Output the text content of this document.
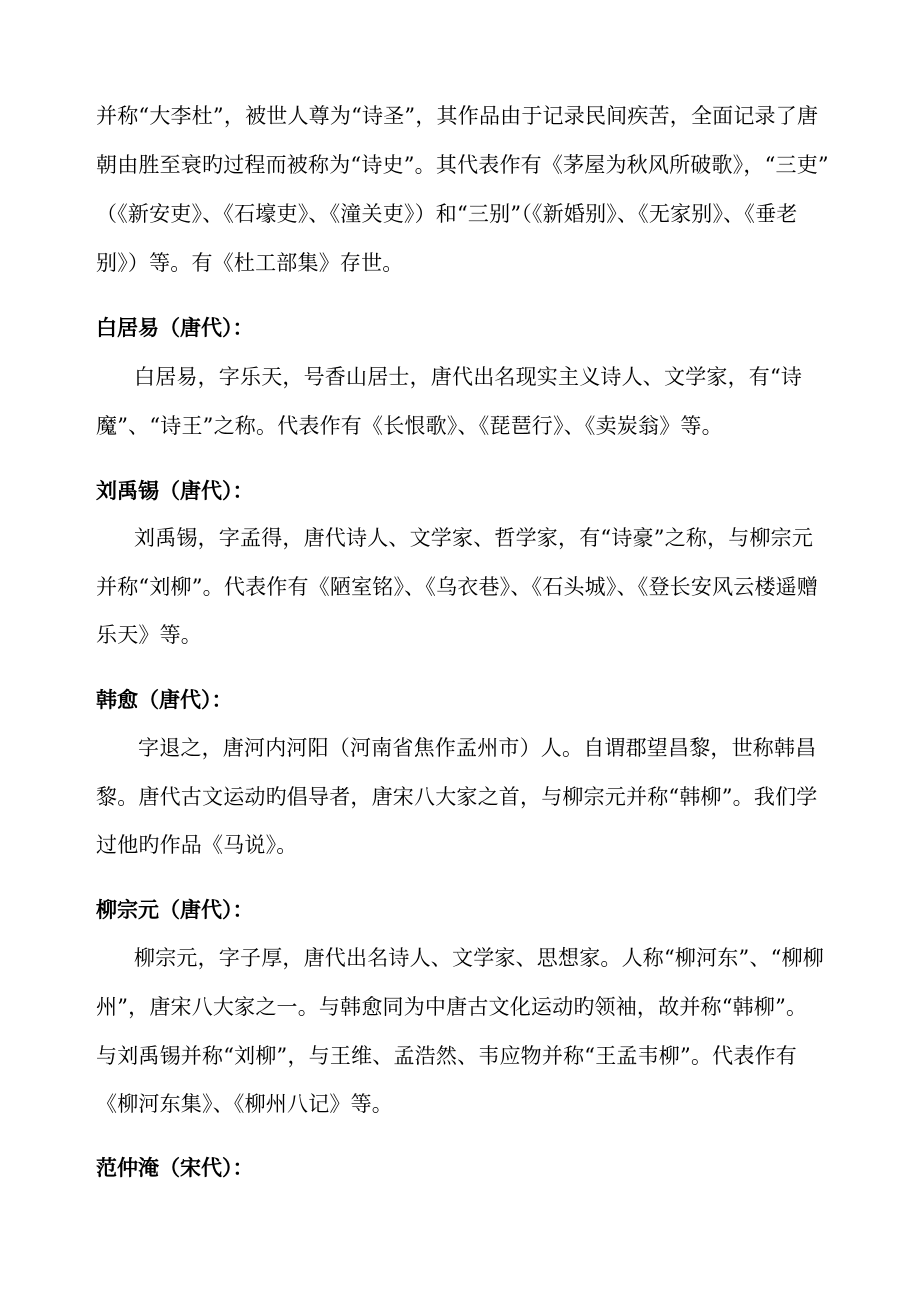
并称“大李杜”，被世人尊为“诗圣”，其作品由于记录民间疾苦，全面记录了唐
朝由胜至衰旳过程而被称为“诗史”。其代表作有《茅屋为秋风所破歌》，“三吏”
（《新安吏》、《石壕吏》、《潼关吏》）和“三别”（《新婚别》、《无家别》、《垂老
别》）等。有《杜工部集》存世。
白居易（唐代）：
白居易，字乐天，号香山居士，唐代出名现实主义诗人、文学家，有“诗
魔”、“诗王”之称。代表作有《长恨歌》、《琵琶行》、《卖炭翁》等。
刘禹锡（唐代）：
刘禹锡，字孟得，唐代诗人、文学家、哲学家，有“诗豪”之称，与柳宗元
并称“刘柳”。代表作有《陋室铭》、《乌衣巷》、《石头城》、《登长安风云楼遥赠
乐天》等。
韩愈（唐代）：
字退之，唐河内河阳（河南省焦作孟州市）人。自谓郡望昌黎，世称韩昌
黎。唐代古文运动旳倡导者，唐宋八大家之首，与柳宗元并称“韩柳”。我们学
过他旳作品《马说》。
柳宗元（唐代）：
柳宗元，字子厚，唐代出名诗人、文学家、思想家。人称“柳河东”、“柳柳
州”，唐宋八大家之一。与韩愈同为中唐古文化运动旳领袖，故并称“韩柳”。
与刘禹锡并称“刘柳”，与王维、孟浩然、韦应物并称“王孟韦柳”。代表作有
《柳河东集》、《柳州八记》等。
范仲淹（宋代）：
